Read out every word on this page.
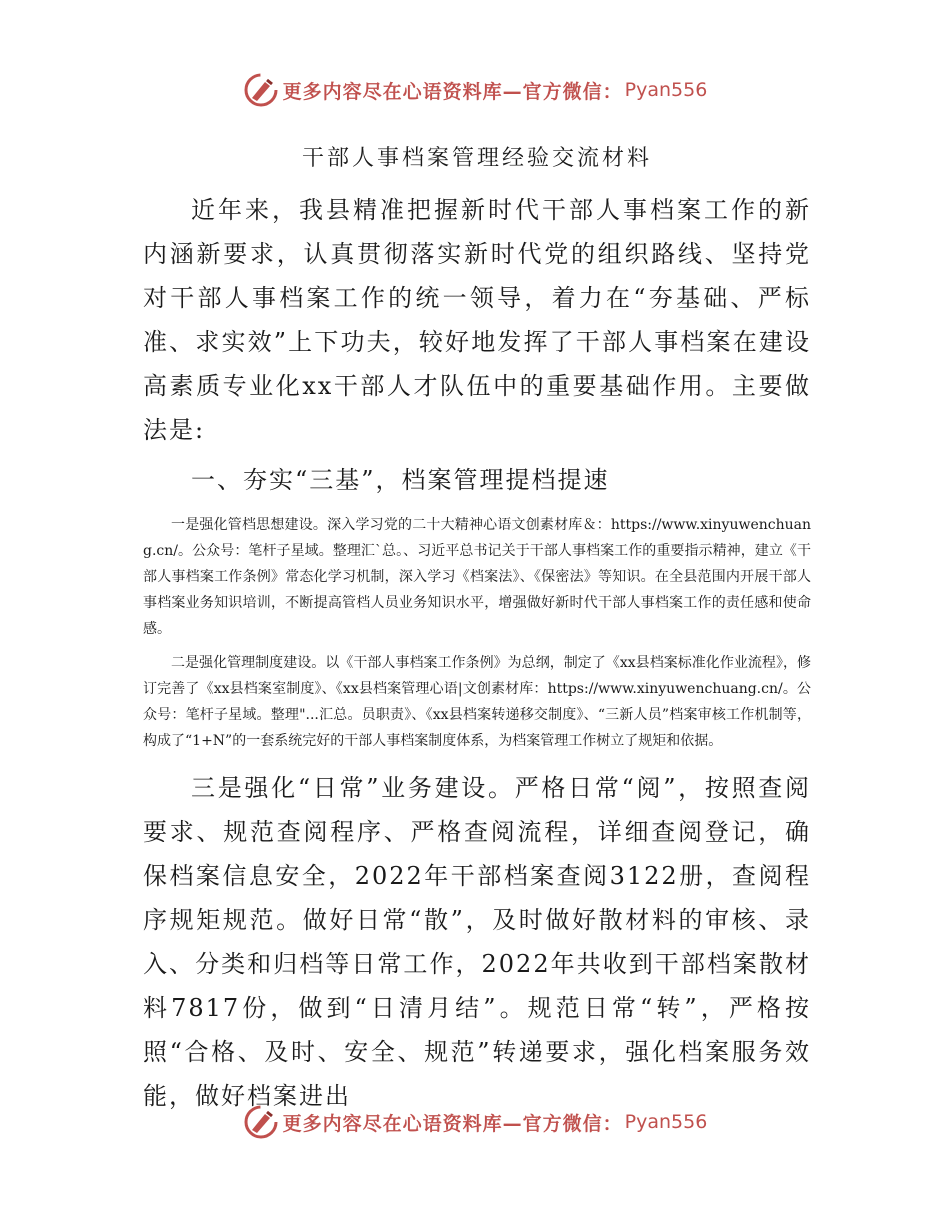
更多内容尽在心语资料库—官方微信： Pyan556
干部人事档案管理经验交流材料

近年来，我县精准把握新时代干部人事档案工作的新内涵新要求，认真贯彻落实新时代党的组织路线、坚持党对干部人事档案工作的统一领导，着力在“夯基础、严标准、求实效”上下功夫，较好地发挥了干部人事档案在建设高素质专业化xx干部人才队伍中的重要基础作用。主要做法是:

一、夯实“三基”，档案管理提档提速

一是强化管档思想建设。深入学习党的二十大精神心语文创素材库＆：https://www.xinyuwenchuang.cn/。公众号：笔杆子星域。整理汇`总。、习近平总书记关于干部人事档案工作的重要指示精神，建立《干部人事档案工作条例》常态化学习机制，深入学习《档案法》、《保密法》等知识。在全县范围内开展干部人事档案业务知识培训，不断提高管档人员业务知识水平，增强做好新时代干部人事档案工作的责任感和使命感。

二是强化管理制度建设。以《干部人事档案工作条例》为总纲，制定了《xx县档案标准化作业流程》，修订完善了《xx县档案室制度》、《xx县档案管理心语|文创素材库：https://www.xinyuwenchuang.cn/。公众号：笔杆子星域。整理"...汇总。员职责》、《xx县档案转递移交制度》、“三新人员”档案审核工作机制等，构成了“1+N”的一套系统完好的干部人事档案制度体系，为档案管理工作树立了规矩和依据。

三是强化“日常”业务建设。严格日常“阅”，按照查阅要求、规范查阅程序、严格查阅流程，详细查阅登记，确保档案信息安全，2022年干部档案查阅3122册，查阅程序规矩规范。做好日常“散”，及时做好散材料的审核、录入、分类和归档等日常工作，2022年共收到干部档案散材料7817份，做到“日清月结”。规范日常“转”，严格按照“合格、及时、安全、规范”转递要求，强化档案服务效能，做好档案进出

更多内容尽在心语资料库—官方微信： Pyan556
